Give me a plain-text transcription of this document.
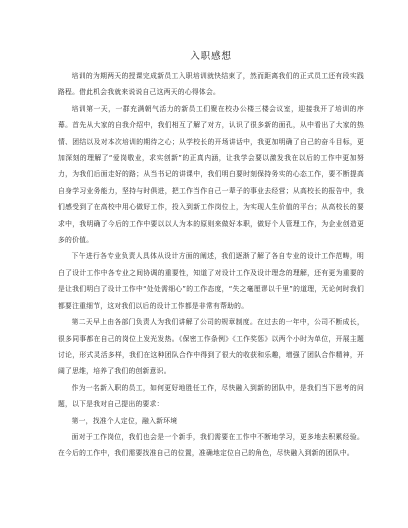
入职感想

培训的为期两天的授课完成新员工入职培训就快结束了，然而距离我们的正式员工还有段实践路程。借此机会我就来说说自己这两天的心得体会。

培训第一天，一群充满朝气活力的新员工们聚在校办公楼三楼会议室，迎接我开了培训的序幕。首先从大家的自我介绍中，我们相互了解了对方，认识了很多新的面孔，从中看出了大家的热情、团结以及对本次培训的期待之心；从学校长的开场讲话中，我更加明确了自己的奋斗目标，更加深刻的理解了“爱岗敬业，求实创新”的正真内涵，让我学会要以激发我在以后的工作中更加努力，为我们后面走好的路；从当书记的讲课中，我们明白要时刻保持务实的心态工作，要不断提高自身学习业务能力，坚持与时俱进，把工作当作自己一辈子的事业去经营；从高校长的报告中，我们感受到了在高校中用心做好工作，投入到新工作岗位上，为实现人生价值的平台；从高校长的要求中，我明确了今后的工作中要以以人为本的原则来做好本职，做好个人管理工作，为企业创造更多的价值。

下午进行各专业负责人具体从设计方面的阐述，我们逐渐了解了各自专业的设计工作范畴，明白了设计工作中各专业之间协调的重要性，知道了对设计工作及设计理念的理解，还有更为重要的是让我们明白了设计工作中“处处需细心”的工作态度，“失之毫厘谬以千里”的道理，无论何时我们都要注重细节，这对我们以后的设计工作都是非常有帮助的。

第二天早上由各部门负责人为我们讲解了公司的规章制度。在过去的一年中，公司不断成长，很多同事都在自己的岗位上发光发热。《保密工作条例》《工作奖惩》以两个小时为单位，开展主题讨论，形式灵活多样，我们在这种团队合作中得到了很大的收获和乐趣，增强了团队合作精神，开阔了思维，培养了我们的创新意识。

作为一名新入职的员工，如何更好地胜任工作，尽快融入到新的团队中，是我们当下思考的问题，以下是我对自己提出的要求：

第一，找准个人定位，融入新环境

面对于工作岗位，我们也会是一个新手，我们需要在工作中不断地学习，更多地去积累经验。在今后的工作中，我们需要找准自己的位置，准确地定位自己的角色，尽快融入到新的团队中。
